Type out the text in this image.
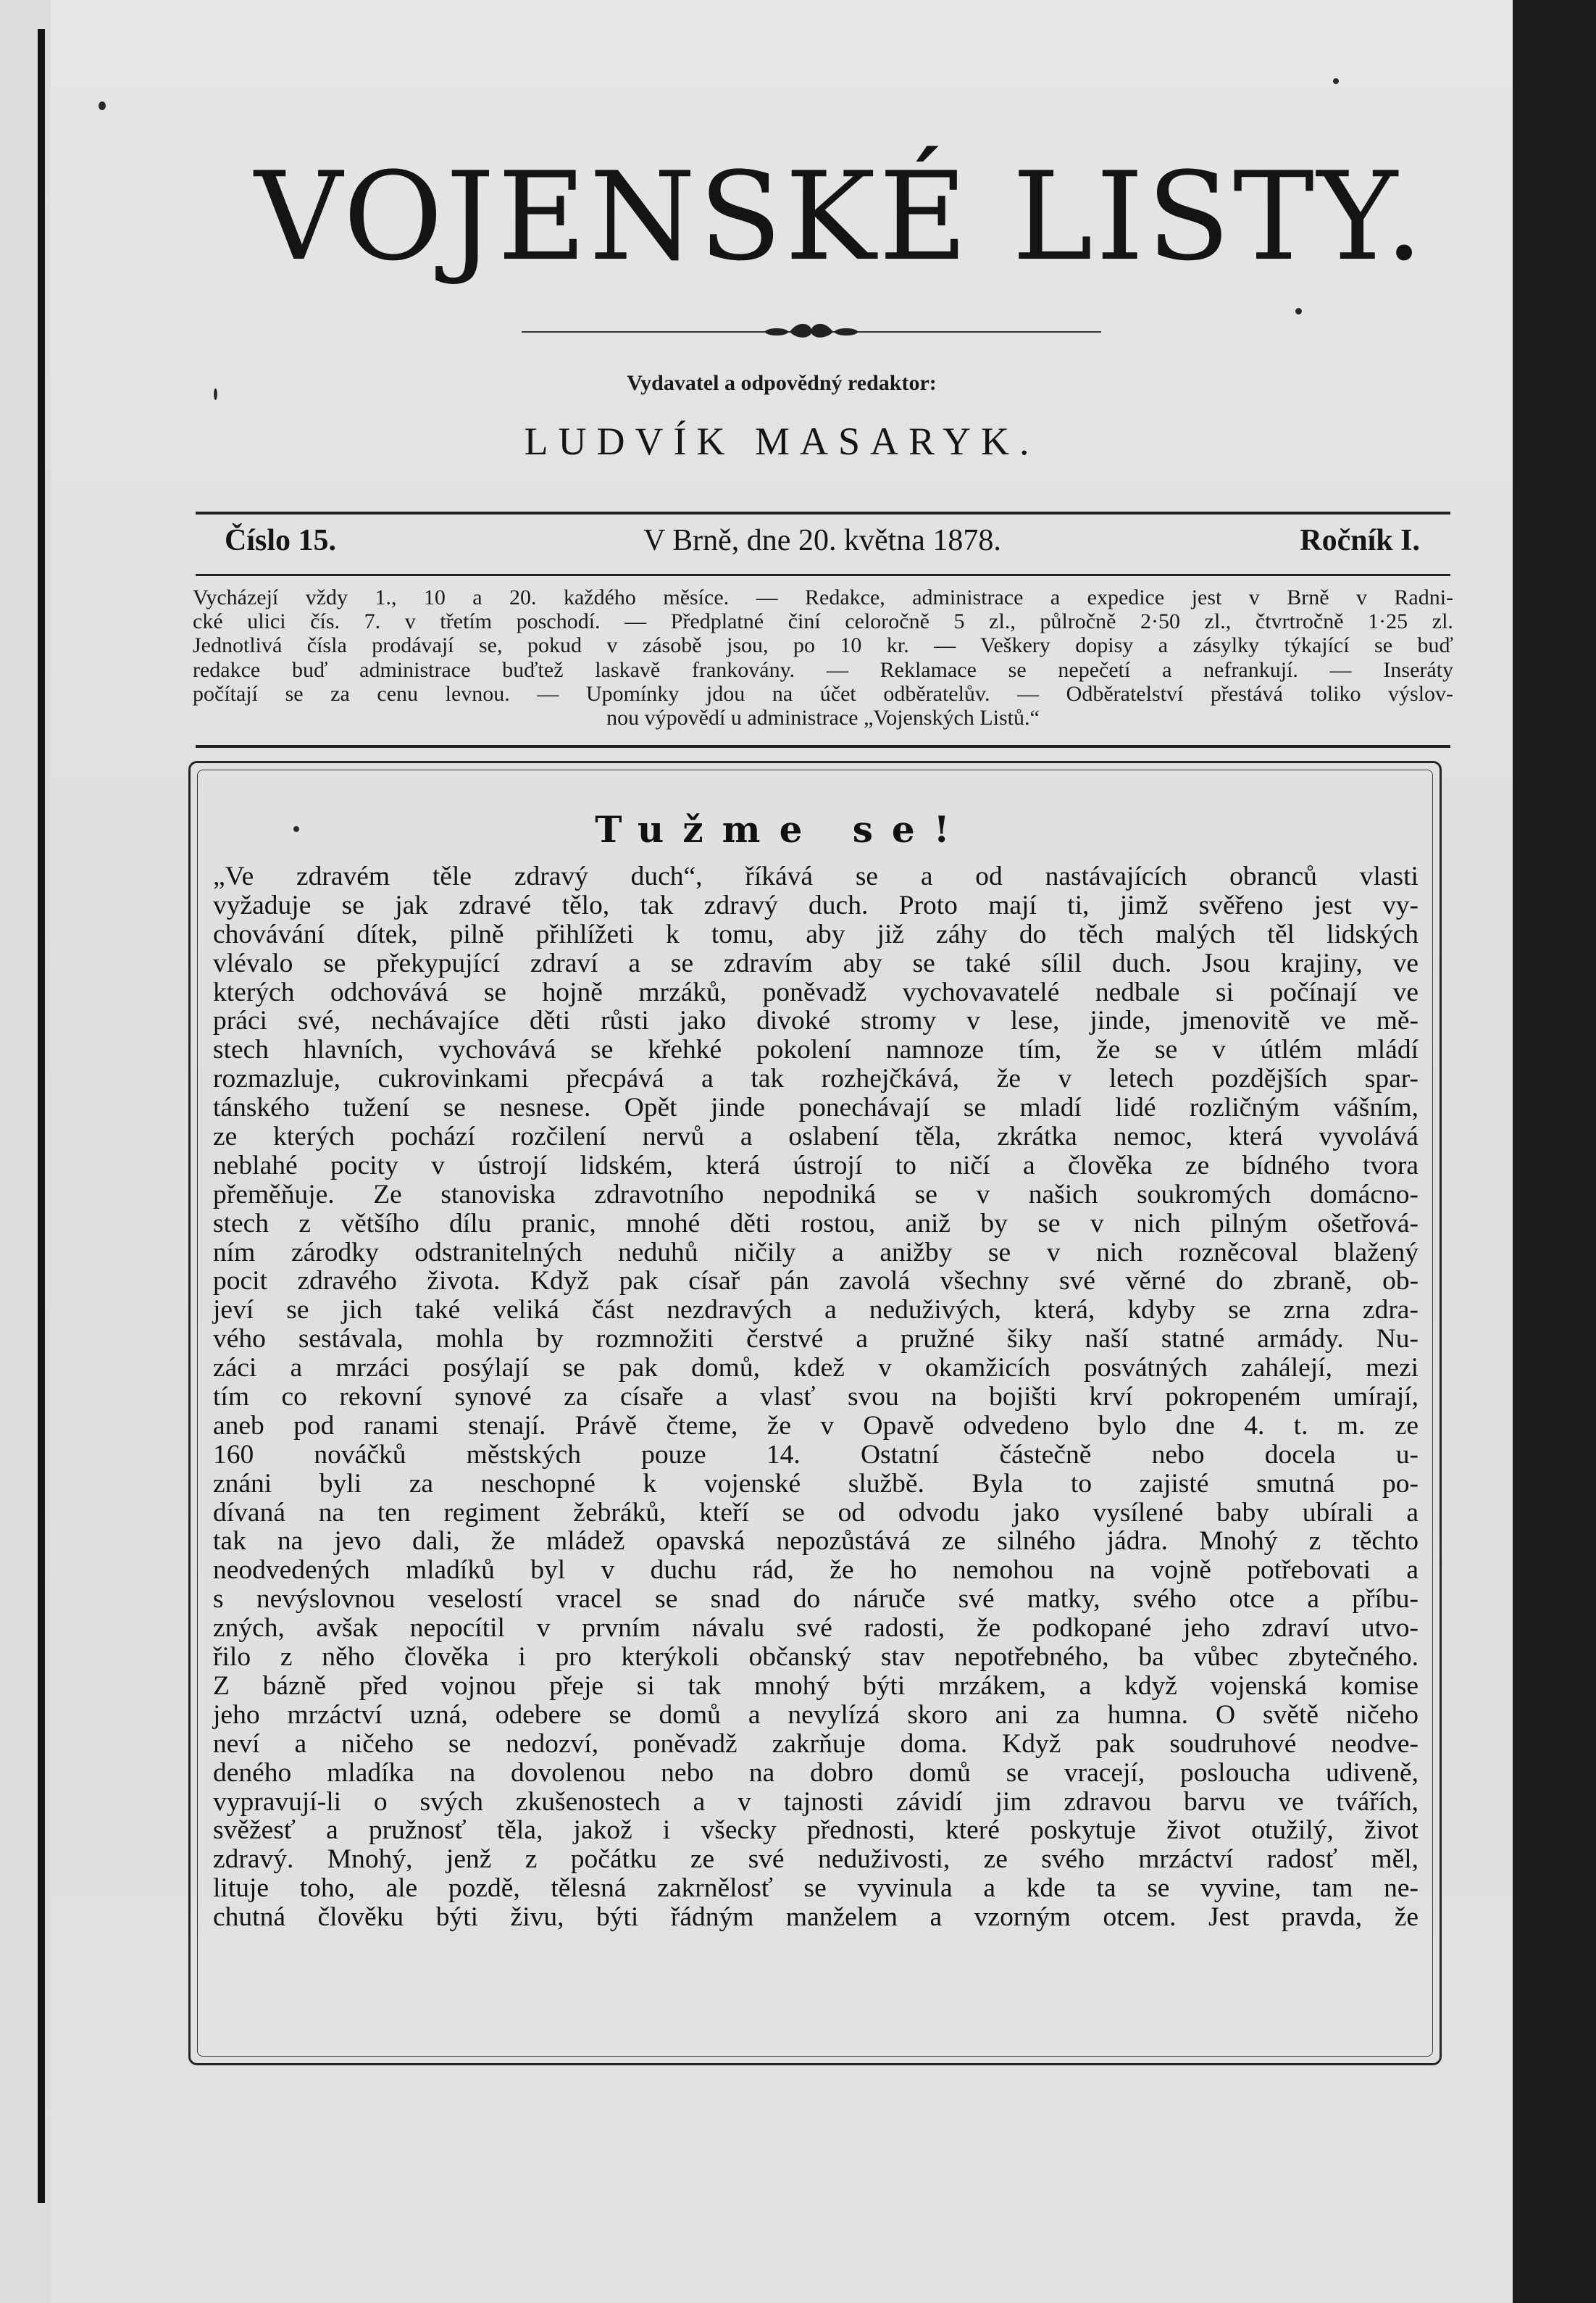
VOJENSKÉ LISTY.
Vydavatel a odpovědný redaktor:
LUDVÍK MASARYK.
V Brně, dne 20. května 1878.
Číslo 15.	Ročník I.
Vycházejí vždy 1., 10 a 20. každého měsíce. — Redakce, administrace a expedice jest v Brně v Radni-
cké ulici čís. 7. v třetím poschodí. — Předplatné činí celoročně 5 zl., půlročně 2·50 zl., čtvrtročně 1·25 zl.
Jednotlivá čísla prodávají se, pokud v zásobě jsou, po 10 kr. — Veškery dopisy a zásylky týkající se buď
redakce buď administrace buďtež laskavě frankovány. — Reklamace se nepečetí a nefrankují. — Inseráty
počítají se za cenu levnou. — Upomínky jdou na účet odběratelův. — Odběratelství přestává toliko výslov-
nou výpovědí u administrace „Vojenských Listů.“
Tužme se!
„Ve zdravém těle zdravý duch“, říkává se a od nastávajících obranců vlasti
vyžaduje se jak zdravé tělo, tak zdravý duch. Proto mají ti, jimž svěřeno jest vy-
chovávání dítek, pilně přihlížeti k tomu, aby již záhy do těch malých těl lidských
vlévalo se překypující zdraví a se zdravím aby se také sílil duch. Jsou krajiny, ve
kterých odchovává se hojně mrzáků, poněvadž vychovavatelé nedbale si počínají ve
práci své, nechávajíce děti růsti jako divoké stromy v lese, jinde, jmenovitě ve mě-
stech hlavních, vychovává se křehké pokolení namnoze tím, že se v útlém mládí
rozmazluje, cukrovinkami přecpává a tak rozhejčkává, že v letech pozdějších spar-
tánského tužení se nesnese. Opět jinde ponechávají se mladí lidé rozličným vášním,
ze kterých pochází rozčilení nervů a oslabení těla, zkrátka nemoc, která vyvolává
neblahé pocity v ústrojí lidském, která ústrojí to ničí a člověka ze bídného tvora
přeměňuje. Ze stanoviska zdravotního nepodniká se v našich soukromých domácno-
stech z většího dílu pranic, mnohé děti rostou, aniž by se v nich pilným ošetřová-
ním zárodky odstranitelných neduhů ničily a anižby se v nich rozněcoval blažený
pocit zdravého života. Když pak císař pán zavolá všechny své věrné do zbraně, ob-
jeví se jich také veliká část nezdravých a neduživých, která, kdyby se zrna zdra-
vého sestávala, mohla by rozmnožiti čerstvé a pružné šiky naší statné armády. Nu-
záci a mrzáci posýlají se pak domů, kdež v okamžicích posvátných zahálejí, mezi
tím co rekovní synové za císaře a vlasť svou na bojišti krví pokropeném umírají,
aneb pod ranami stenají. Právě čteme, že v Opavě odvedeno bylo dne 4. t. m. ze
160 nováčků městských pouze 14. Ostatní částečně nebo docela u-
znáni byli za neschopné k vojenské službě. Byla to zajisté smutná po-
dívaná na ten regiment žebráků, kteří se od odvodu jako vysílené baby ubírali a
tak na jevo dali, že mládež opavská nepozůstává ze silného jádra. Mnohý z těchto
neodvedených mladíků byl v duchu rád, že ho nemohou na vojně potřebovati a
s nevýslovnou veselostí vracel se snad do náruče své matky, svého otce a příbu-
zných, avšak nepocítil v prvním návalu své radosti, že podkopané jeho zdraví utvo-
řilo z něho člověka i pro kterýkoli občanský stav nepotřebného, ba vůbec zbytečného.
Z bázně před vojnou přeje si tak mnohý býti mrzákem, a když vojenská komise
jeho mrzáctví uzná, odebere se domů a nevylízá skoro ani za humna. O světě ničeho
neví a ničeho se nedozví, poněvadž zakrňuje doma. Když pak soudruhové neodve-
deného mladíka na dovolenou nebo na dobro domů se vracejí, posloucha udiveně,
vypravují-li o svých zkušenostech a v tajnosti závidí jim zdravou barvu ve tvářích,
svěžesť a pružnosť těla, jakož i všecky přednosti, které poskytuje život otužilý, život
zdravý. Mnohý, jenž z počátku ze své neduživosti, ze svého mrzáctví radosť měl,
lituje toho, ale pozdě, tělesná zakrnělosť se vyvinula a kde ta se vyvine, tam ne-
chutná člověku býti živu, býti řádným manželem a vzorným otcem. Jest pravda, že
